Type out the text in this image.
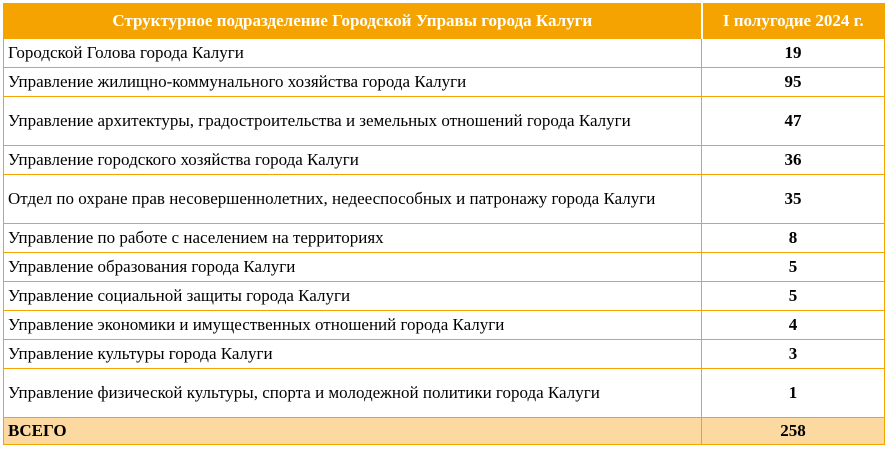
Структурное подразделение Городской Управы города Калуги	I полугодие 2024 г.
Городской Голова города Калуги	19
Управление жилищно-коммунального хозяйства города Калуги	95
Управление архитектуры, градостроительства и земельных отношений города Калуги	47
Управление городского хозяйства города Калуги	36
Отдел по охране прав несовершеннолетних, недееспособных и патронажу города Калуги	35
Управление по работе с населением на территориях	8
Управление образования города Калуги	5
Управление социальной защиты города Калуги	5
Управление экономики и имущественных отношений города Калуги	4
Управление культуры города Калуги	3
Управление физической культуры, спорта и молодежной политики города Калуги	1
ВСЕГО	258
